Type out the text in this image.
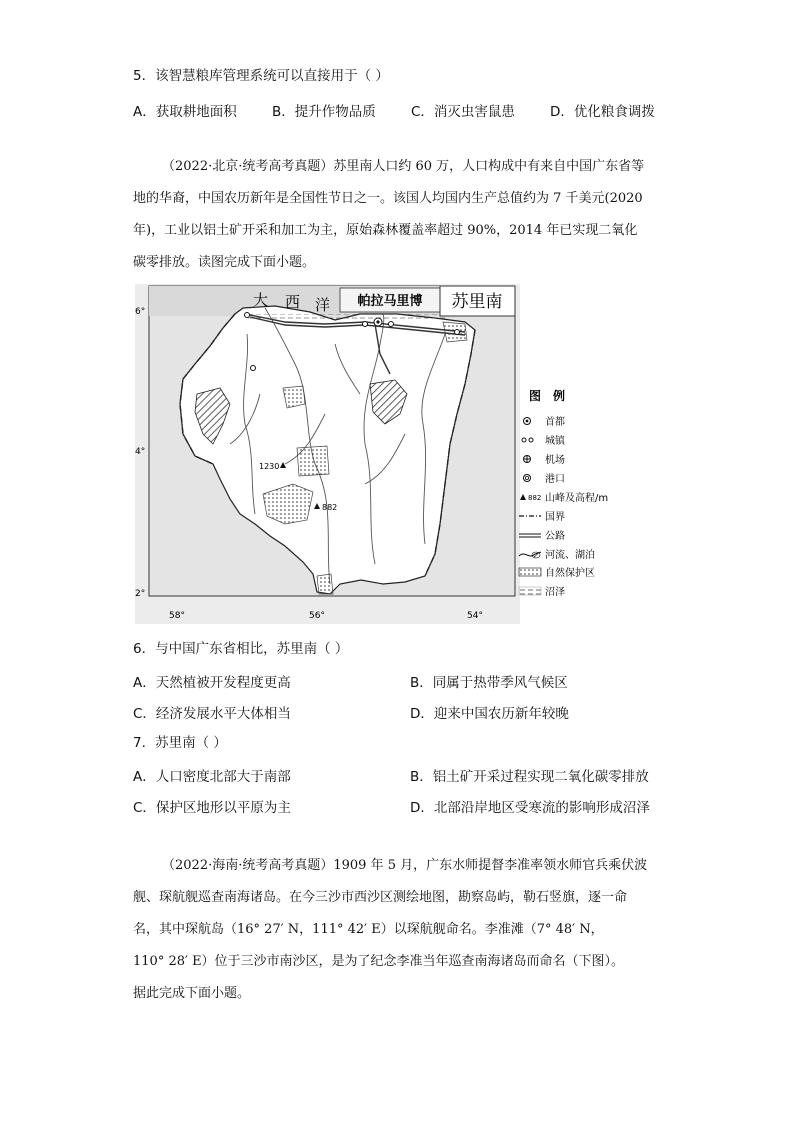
5．该智慧粮库管理系统可以直接用于（ ）
A．获取耕地面积	B．提升作物品质	C．消灭虫害鼠患	D．优化粮食调拨
（2022·北京·统考高考真题）苏里南人口约 60 万，人口构成中有来自中国广东省等
地的华裔，中国农历新年是全国性节日之一。该国人均国内生产总值约为 7 千美元(2020
年)，工业以铝土矿开采和加工为主，原始森林覆盖率超过 90%，2014 年已实现二氧化
碳零排放。读图完成下面小题。
帕拉马里博 苏里南
大 西 洋
1230
882
6°
4°
2°
58°	56°	54°
图　例
首都
城镇
机场
港口
882 山峰及高程/m
国界
公路
河流、湖泊
自然保护区
沼泽
6．与中国广东省相比，苏里南（ ）
A．天然植被开发程度更高	B．同属于热带季风气候区
C．经济发展水平大体相当	D．迎来中国农历新年较晚
7．苏里南（ ）
A．人口密度北部大于南部	B．铝土矿开采过程实现二氧化碳零排放
C．保护区地形以平原为主	D．北部沿岸地区受寒流的影响形成沼泽
（2022·海南·统考高考真题）1909 年 5 月，广东水师提督李准率领水师官兵乘伏波
舰、琛航舰巡查南海诸岛。在今三沙市西沙区测绘地图，勘察岛屿，勒石竖旗，逐一命
名，其中琛航岛（16° 27′ N，111° 42′ E）以琛航舰命名。李准滩（7° 48′ N，
110° 28′ E）位于三沙市南沙区，是为了纪念李准当年巡查南海诸岛而命名（下图）。
据此完成下面小题。
